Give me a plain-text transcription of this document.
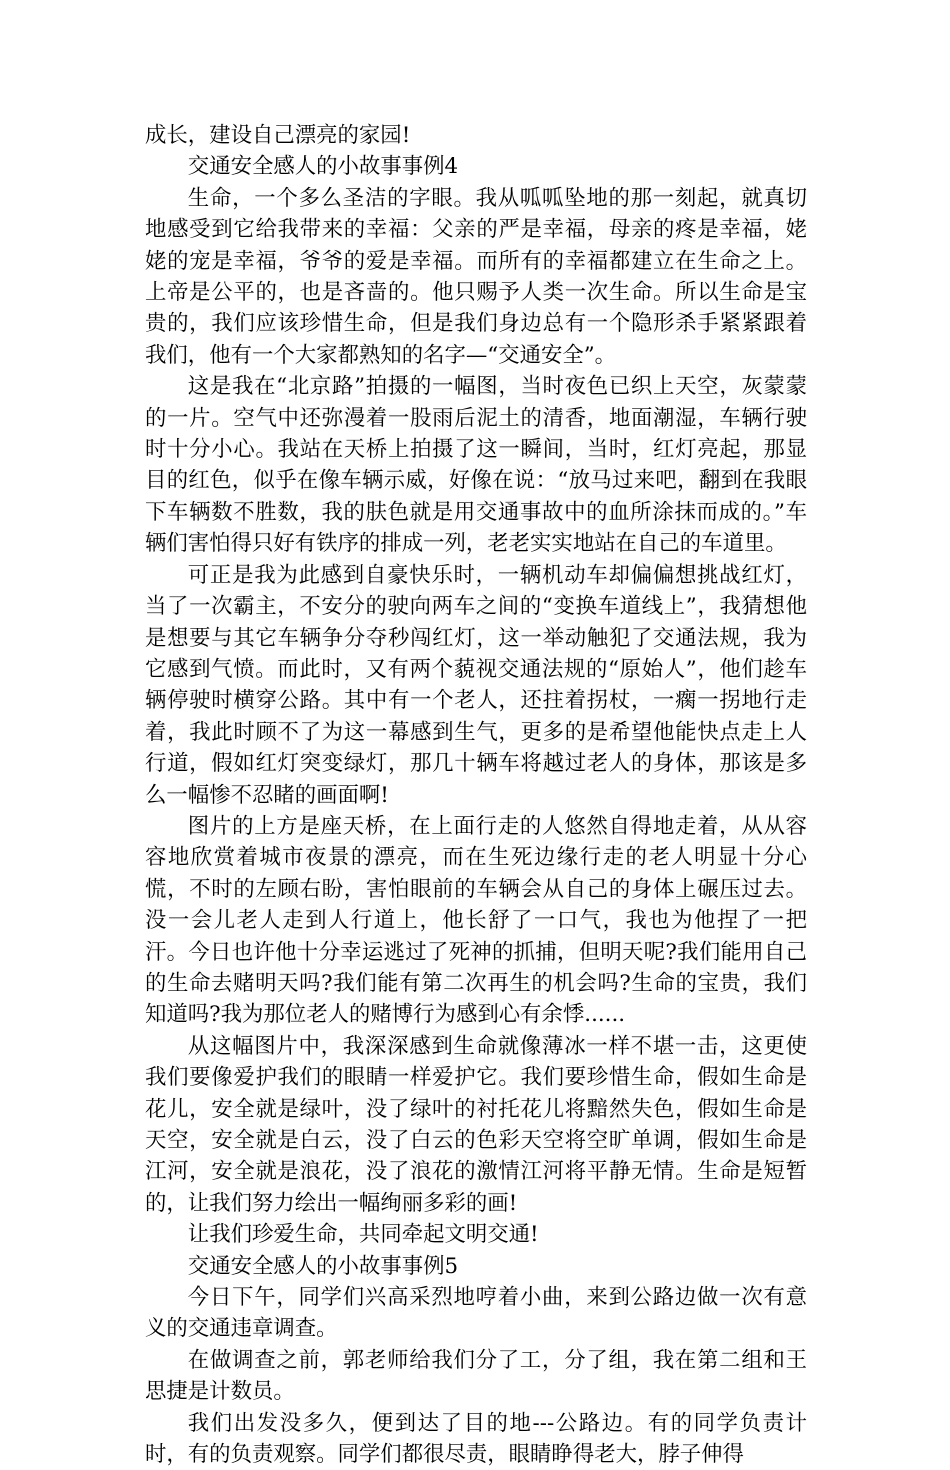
成长，建设自己漂亮的家园!

交通安全感人的小故事事例4

生命，一个多么圣洁的字眼。我从呱呱坠地的那一刻起，就真切地感受到它给我带来的幸福：父亲的严是幸福，母亲的疼是幸福，姥姥的宠是幸福，爷爷的爱是幸福。而所有的幸福都建立在生命之上。上帝是公平的，也是吝啬的。他只赐予人类一次生命。所以生命是宝贵的，我们应该珍惜生命，但是我们身边总有一个隐形杀手紧紧跟着我们，他有一个大家都熟知的名字—“交通安全”。

这是我在“北京路”拍摄的一幅图，当时夜色已织上天空，灰蒙蒙的一片。空气中还弥漫着一股雨后泥土的清香，地面潮湿，车辆行驶时十分小心。我站在天桥上拍摄了这一瞬间，当时，红灯亮起，那显目的红色，似乎在像车辆示威，好像在说：“放马过来吧，翻到在我眼下车辆数不胜数，我的肤色就是用交通事故中的血所涂抹而成的。”车辆们害怕得只好有铁序的排成一列，老老实实地站在自己的车道里。

可正是我为此感到自豪快乐时，一辆机动车却偏偏想挑战红灯，当了一次霸主，不安分的驶向两车之间的“变换车道线上”，我猜想他是想要与其它车辆争分夺秒闯红灯，这一举动触犯了交通法规，我为它感到气愤。而此时，又有两个藐视交通法规的“原始人”，他们趁车辆停驶时横穿公路。其中有一个老人，还拄着拐杖，一瘸一拐地行走着，我此时顾不了为这一幕感到生气，更多的是希望他能快点走上人行道，假如红灯突变绿灯，那几十辆车将越过老人的身体，那该是多么一幅惨不忍睹的画面啊!

图片的上方是座天桥，在上面行走的人悠然自得地走着，从从容容地欣赏着城市夜景的漂亮，而在生死边缘行走的老人明显十分心慌，不时的左顾右盼，害怕眼前的车辆会从自己的身体上碾压过去。没一会儿老人走到人行道上，他长舒了一口气，我也为他捏了一把汗。今日也许他十分幸运逃过了死神的抓捕，但明天呢?我们能用自己的生命去赌明天吗?我们能有第二次再生的机会吗?生命的宝贵，我们知道吗?我为那位老人的赌博行为感到心有余悸......

从这幅图片中，我深深感到生命就像薄冰一样不堪一击，这更使我们要像爱护我们的眼睛一样爱护它。我们要珍惜生命，假如生命是花儿，安全就是绿叶，没了绿叶的衬托花儿将黯然失色，假如生命是天空，安全就是白云，没了白云的色彩天空将空旷单调，假如生命是江河，安全就是浪花，没了浪花的激情江河将平静无情。生命是短暂的，让我们努力绘出一幅绚丽多彩的画!

让我们珍爱生命，共同牵起文明交通!

交通安全感人的小故事事例5

今日下午，同学们兴高采烈地哼着小曲，来到公路边做一次有意义的交通违章调查。

在做调查之前，郭老师给我们分了工，分了组，我在第二组和王思捷是计数员。

我们出发没多久，便到达了目的地---公路边。有的同学负责计时，有的负责观察。同学们都很尽责，眼睛睁得老大，脖子伸得
